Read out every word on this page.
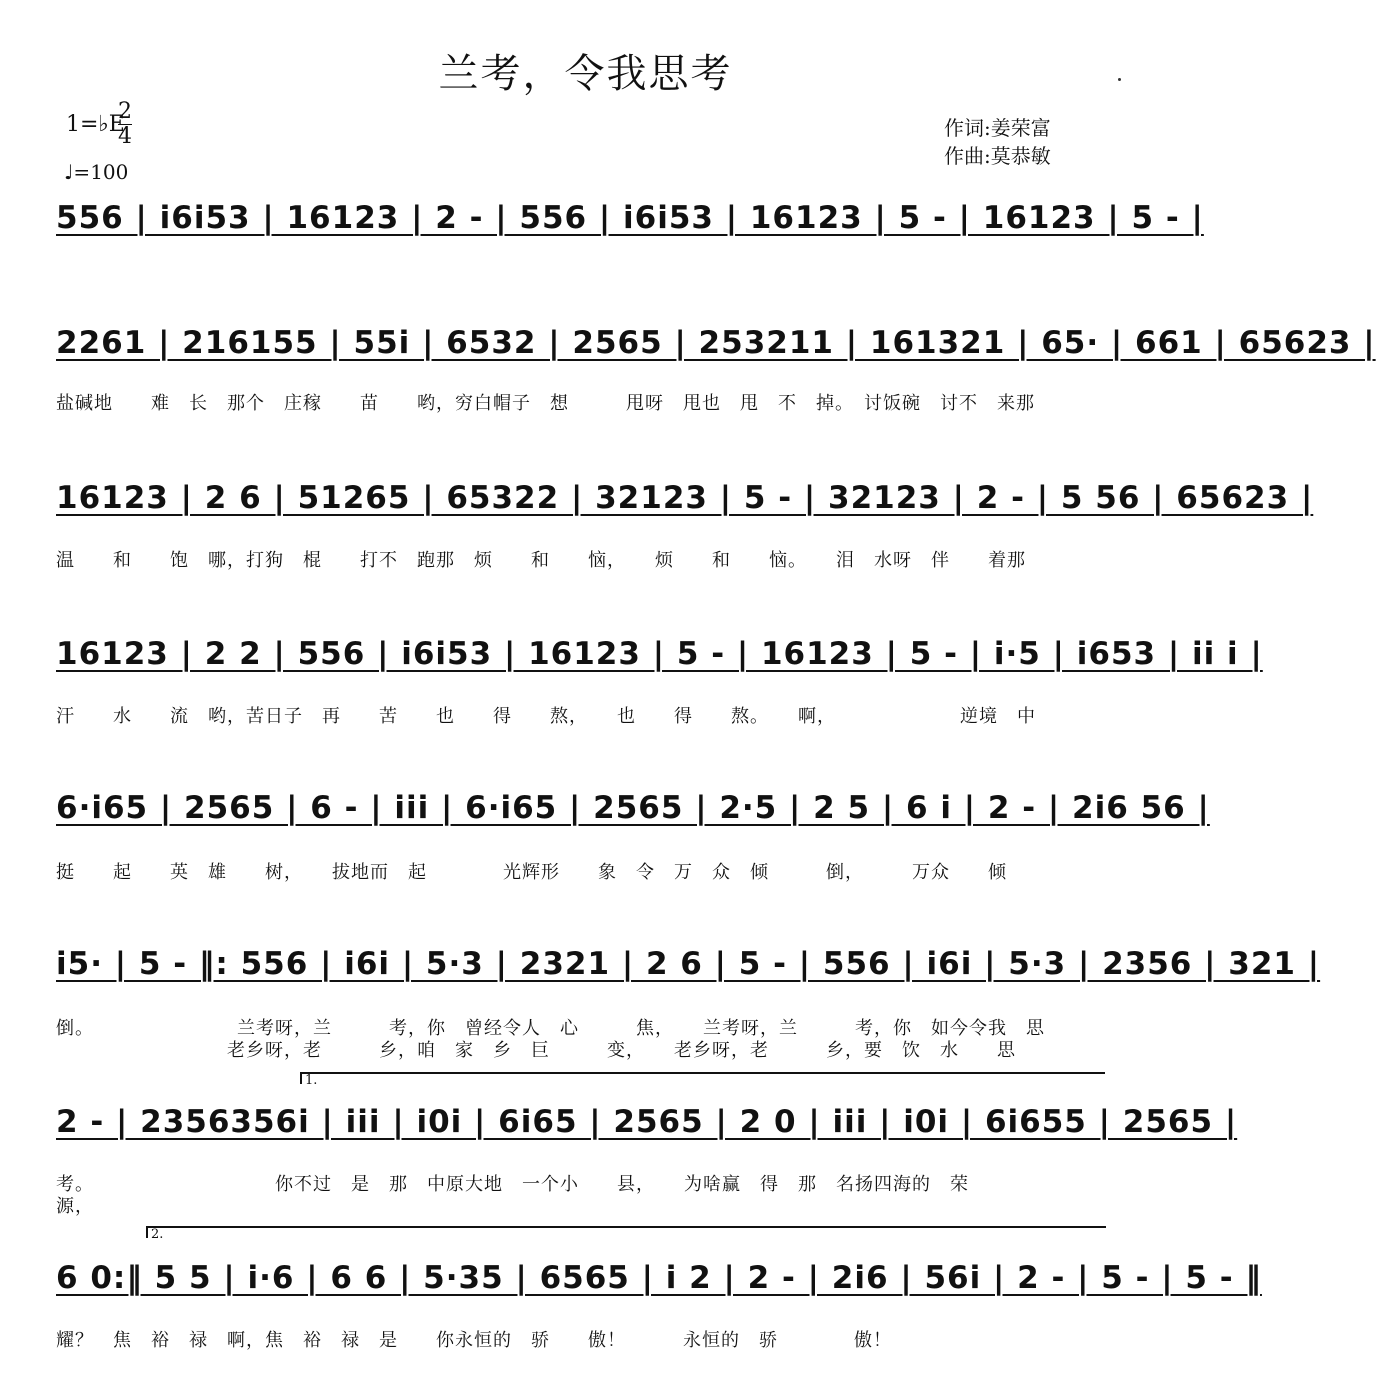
兰考，令我思考
1=♭E
2
4
♩=100
作词:姜荣富
作曲:莫恭敏
556 | i6i53 | 16123 | 2 - | 556 | i6i53 | 16123 | 5 - | 16123 | 5 - |
2261 | 216155 | 55i | 6532 | 2565 | 253211 | 161321 | 65· | 661 | 65623 |
盐碱地　　难　长　那个　庄稼　　苗　　哟，穷白帽子　想　　　甩呀　甩也　甩　不　掉。　讨饭碗　讨不　来那
16123 | 2 6 | 51265 | 65322 | 32123 | 5 - | 32123 | 2 - | 5 56 | 65623 |
温　　和　　饱　哪，打狗　棍　　打不　跑那　烦　　和　　恼，　　烦　　和　　恼。　　泪　水呀　伴　　着那
16123 | 2 2 | 556 | i6i53 | 16123 | 5 - | 16123 | 5 - | i·5 | i653 | ii i |
汗　　水　　流　哟，苦日子　再　　苦　　也　　得　　熬，　　也　　得　　熬。　　啊，　　　　　　　逆境　中
6·i65 | 2565 | 6 - | iii | 6·i65 | 2565 | 2·5 | 2 5 | 6 i | 2 - | 2i6 56 |
挺　　起　　英　雄　　树，　　拔地而　起　　　　光辉形　　象　令　万　众　倾　　　倒，　　　万众　　倾
i5· | 5 - ‖: 556 | i6i | 5·3 | 2321 | 2 6 | 5 - | 556 | i6i | 5·3 | 2356 | 321 |
倒。　　　　　　　　兰考呀，兰　　　考，你　曾经令人　心　　　焦，　　兰考呀，兰　　　考，你　如今令我　思
　　　　　　　　　老乡呀，老　　　乡，咱　家　乡　巨　　　变，　　老乡呀，老　　　乡，要　饮　水　　思
1.
2 - | 2356356i | iii | i0i | 6i65 | 2565 | 2 0 | iii | i0i | 6i655 | 2565 |
考。　　　　　　　　　　你不过　是　那　中原大地　一个小　　县，　　为啥赢　得　那　名扬四海的　荣
源，
2.
6 0:‖ 5 5 | i·6 | 6 6 | 5·35 | 6565 | i 2 | 2 - | 2i6 | 56i | 2 - | 5 - | 5 - ‖
耀？　焦　裕　禄　啊，焦　裕　禄　是　　你永恒的　骄　　傲！　　　永恒的　骄　　　　傲！
